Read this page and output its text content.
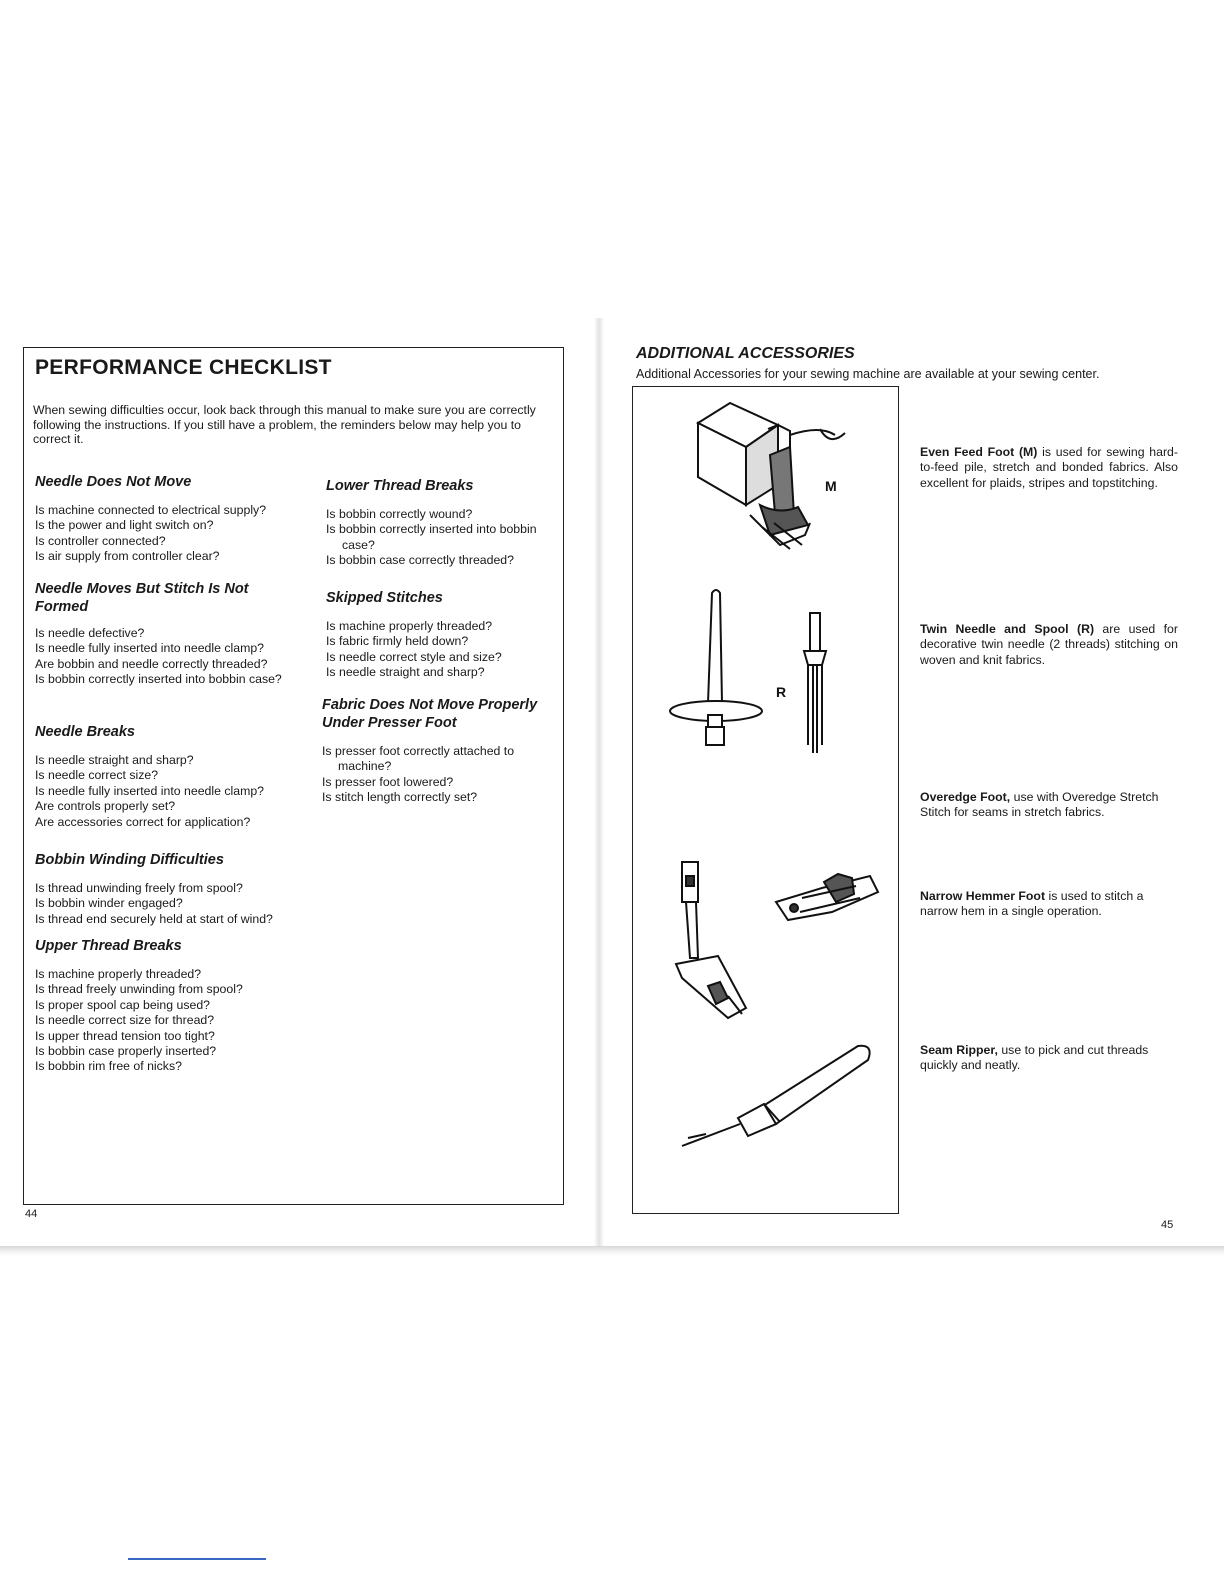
PERFORMANCE CHECKLIST

When sewing difficulties occur, look back through this manual to make sure you are correctly following the instructions. If you still have a problem, the reminders below may help you to correct it.

Needle Does Not Move
Is machine connected to electrical supply?
Is the power and light switch on?
Is controller connected?
Is air supply from controller clear?
Needle Moves But Stitch Is Not Formed
Is needle defective?
Is needle fully inserted into needle clamp?
Are bobbin and needle correctly threaded?
Is bobbin correctly inserted into bobbin case?
Needle Breaks
Is needle straight and sharp?
Is needle correct size?
Is needle fully inserted into needle clamp?
Are controls properly set?
Are accessories correct for application?
Bobbin Winding Difficulties
Is thread unwinding freely from spool?
Is bobbin winder engaged?
Is thread end securely held at start of wind?
Upper Thread Breaks
Is machine properly threaded?
Is thread freely unwinding from spool?
Is proper spool cap being used?
Is needle correct size for thread?
Is upper thread tension too tight?
Is bobbin case properly inserted?
Is bobbin rim free of nicks?
Lower Thread Breaks
Is bobbin correctly wound?
Is bobbin correctly inserted into bobbin case?
Is bobbin case correctly threaded?
Skipped Stitches
Is machine properly threaded?
Is fabric firmly held down?
Is needle correct style and size?
Is needle straight and sharp?
Fabric Does Not Move Properly Under Presser Foot
Is presser foot correctly attached to machine?
Is presser foot lowered?
Is stitch length correctly set?
44
ADDITIONAL ACCESSORIES

Additional Accessories for your sewing machine are available at your sewing center.

M
R

Even Feed Foot (M) is used for sewing hard-to-feed pile, stretch and bonded fabrics. Also excellent for plaids, stripes and topstitching.

Twin Needle and Spool (R) are used for decorative twin needle (2 threads) stitching on woven and knit fabrics.

Overedge Foot, use with Overedge Stretch Stitch for seams in stretch fabrics.

Narrow Hemmer Foot is used to stitch a narrow hem in a single operation.

Seam Ripper, use to pick and cut threads quickly and neatly.

45
